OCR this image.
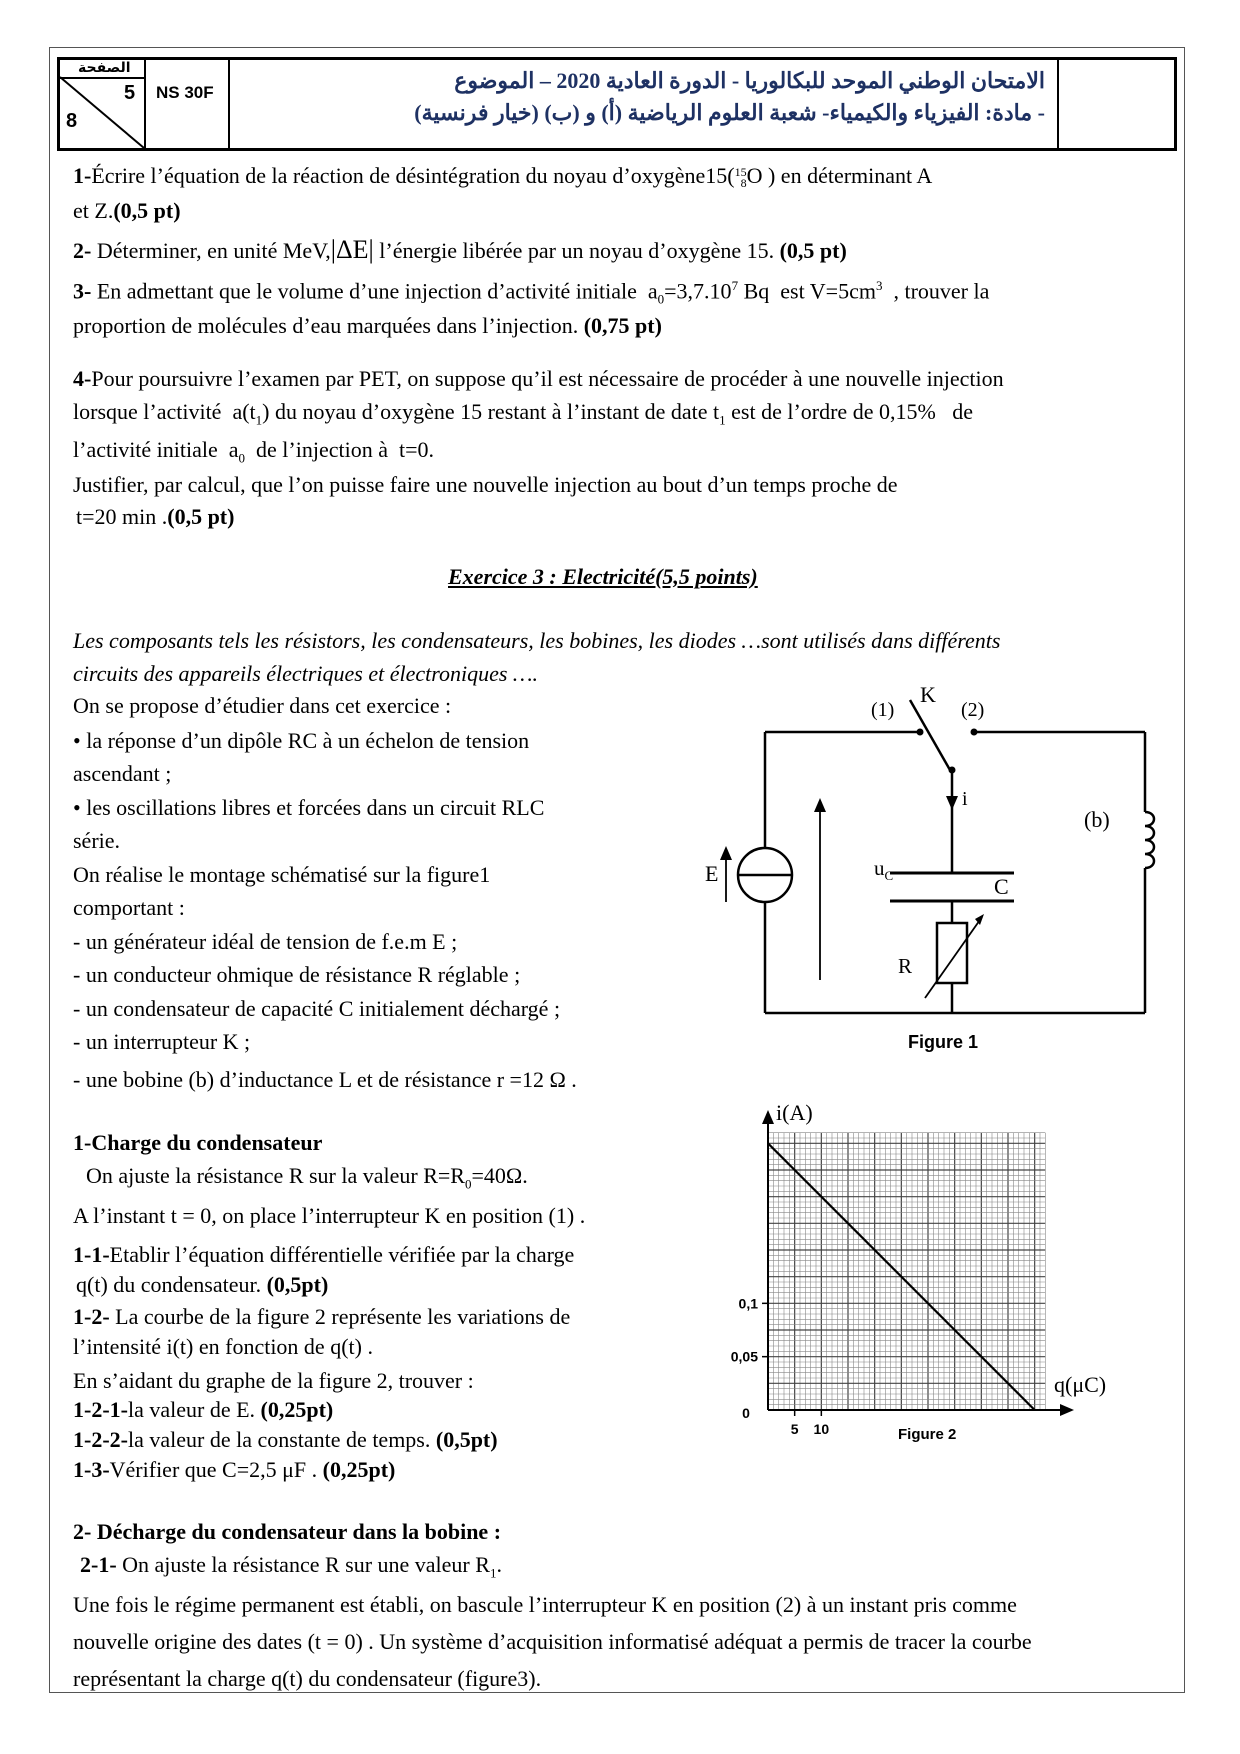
الصفحة
5
8
NS 30F	الامتحان الوطني الموحد للبكالوريا - الدورة العادية 2020 – الموضوع
- مادة: الفيزياء والكيمياء- شعبة العلوم الرياضية (أ) و (ب) (خيار فرنسية)
1-Écrire l’équation de la réaction de désintégration du noyau d’oxygène15(15
8O ) en déterminant A
et Z.(0,5 pt)
2- Déterminer, en unité MeV,|ΔE| l’énergie libérée par un noyau d’oxygène 15. (0,5 pt)
3- En admettant que le volume d’une injection d’activité initiale $a_0=3,7.10^7$ Bq est $V=5cm^3$ , trouver la
proportion de molécules d’eau marquées dans l’injection. (0,75 pt)
4-Pour poursuivre l’examen par PET, on suppose qu’il est nécessaire de procéder à une nouvelle injection
lorsque l’activité $a(t_1)$ du noyau d’oxygène 15 restant à l’instant de date $t_1$ est de l’ordre de 0,15% de
l’activité initiale $a_0$ de l’injection à t=0.
Justifier, par calcul, que l’on puisse faire une nouvelle injection au bout d’un temps proche de
t=20 min .(0,5 pt)
Exercice 3 : Electricité(5,5 points)
Les composants tels les résistors, les condensateurs, les bobines, les diodes …sont utilisés dans différents
circuits des appareils électriques et électroniques ….
On se propose d’étudier dans cet exercice :
• la réponse d’un dipôle RC à un échelon de tension
ascendant ;
• les oscillations libres et forcées dans un circuit RLC
série.
On réalise le montage schématisé sur la figure1
comportant :
- un générateur idéal de tension de f.e.m E ;
- un conducteur ohmique de résistance R réglable ;
- un condensateur de capacité C initialement déchargé ;
- un interrupteur K ;
- une bobine (b) d’inductance L et de résistance r =12 Ω .
1-Charge du condensateur
On ajuste la résistance R sur la valeur $R=R_0=40\Omega$.
A l’instant t = 0, on place l’interrupteur K en position (1) .
1-1-Etablir l’équation différentielle vérifiée par la charge
q(t) du condensateur. (0,5pt)
1-2- La courbe de la figure 2 représente les variations de
l’intensité i(t) en fonction de q(t) .
En s’aidant du graphe de la figure 2, trouver :
1-2-1-la valeur de E. (0,25pt)
1-2-2-la valeur de la constante de temps. (0,5pt)
1-3-Vérifier que C=2,5 μF . (0,25pt)
2- Décharge du condensateur dans la bobine :
2-1- On ajuste la résistance R sur une valeur $R_1$.
Une fois le régime permanent est établi, on bascule l’interrupteur K en position (2) à un instant pris comme
nouvelle origine des dates (t = 0) . Un système d’acquisition informatisé adéquat a permis de tracer la courbe
représentant la charge q(t) du condensateur (figure3).
K
(1)	(2)
i
(b)
E	$u_C$	C
R
Figure 1
5 10
0,05
0,1
0
i(A)
q(μC)
Figure 2
